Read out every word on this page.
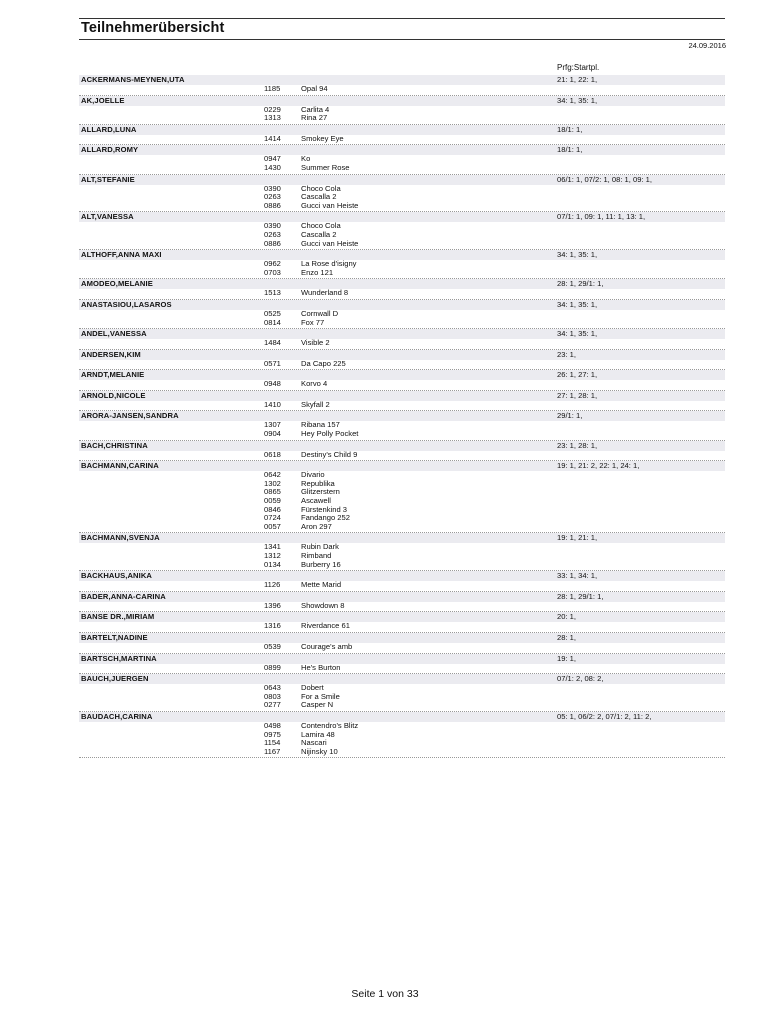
Teilnehmerübersicht
24.09.2016
Prfg:Startpl.
ACKERMANS-MEYNEN,UTA	21: 1, 22: 1,
1185	Opal 94
AK,JOELLE	34: 1, 35: 1,
0229	Carlita 4
1313	Rina 27
ALLARD,LUNA	18/1: 1,
1414	Smokey Eye
ALLARD,ROMY	18/1: 1,
0947	Ko
1430	Summer Rose
ALT,STEFANIE	06/1: 1, 07/2: 1, 08: 1, 09: 1,
0390	Choco Cola
0263	Cascalla 2
0886	Gucci van Heiste
ALT,VANESSA	07/1: 1, 09: 1, 11: 1, 13: 1,
0390	Choco Cola
0263	Cascalla 2
0886	Gucci van Heiste
ALTHOFF,ANNA MAXI	34: 1, 35: 1,
0962	La Rose d'isigny
0703	Enzo 121
AMODEO,MELANIE	28: 1, 29/1: 1,
1513	Wunderland 8
ANASTASIOU,LASAROS	34: 1, 35: 1,
0525	Cornwall D
0814	Fox 77
ANDEL,VANESSA	34: 1, 35: 1,
1484	Visible 2
ANDERSEN,KIM	23: 1,
0571	Da Capo 225
ARNDT,MELANIE	26: 1, 27: 1,
0948	Korvo 4
ARNOLD,NICOLE	27: 1, 28: 1,
1410	Skyfall 2
ARORA-JANSEN,SANDRA	29/1: 1,
1307	Ribana 157
0904	Hey Polly Pocket
BACH,CHRISTINA	23: 1, 28: 1,
0618	Destiny's Child 9
BACHMANN,CARINA	19: 1, 21: 2, 22: 1, 24: 1,
0642	Divario
1302	Republika
0865	Glitzerstern
0059	Ascawell
0846	Fürstenkind 3
0724	Fandango 252
0057	Aron 297
BACHMANN,SVENJA	19: 1, 21: 1,
1341	Rubin Dark
1312	Rimband
0134	Burberry 16
BACKHAUS,ANIKA	33: 1, 34: 1,
1126	Mette Marid
BADER,ANNA-CARINA	28: 1, 29/1: 1,
1396	Showdown 8
BANSE DR.,MIRIAM	20: 1,
1316	Riverdance 61
BARTELT,NADINE	28: 1,
0539	Courage's amb
BARTSCH,MARTINA	19: 1,
0899	He's Burton
BAUCH,JUERGEN	07/1: 2, 08: 2,
0643	Dobert
0803	For a Smile
0277	Casper N
BAUDACH,CARINA	05: 1, 06/2: 2, 07/1: 2, 11: 2,
0498	Contendro's Blitz
0975	Lamira 48
1154	Nascari
1167	Nijinsky 10
Seite 1 von 33
